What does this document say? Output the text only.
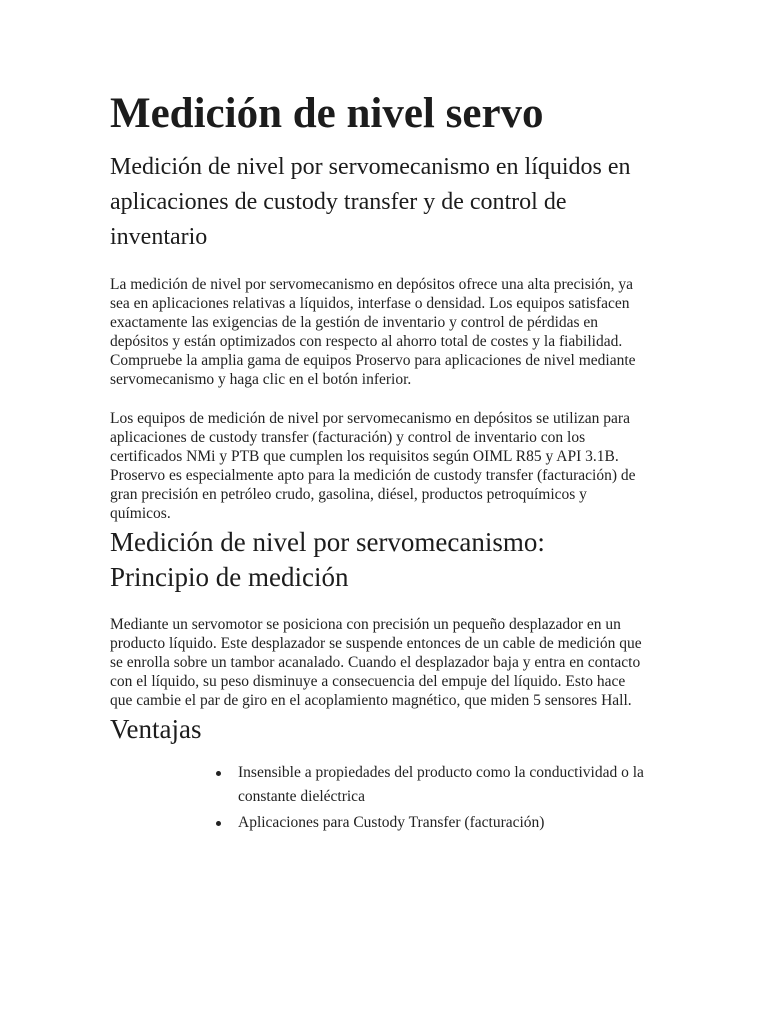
Medición de nivel servo
Medición de nivel por servomecanismo en líquidos en aplicaciones de custody transfer y de control de inventario

La medición de nivel por servomecanismo en depósitos ofrece una alta precisión, ya sea en aplicaciones relativas a líquidos, interfase o densidad. Los equipos satisfacen exactamente las exigencias de la gestión de inventario y control de pérdidas en depósitos y están optimizados con respecto al ahorro total de costes y la fiabilidad. Compruebe la amplia gama de equipos Proservo para aplicaciones de nivel mediante servomecanismo y haga clic en el botón inferior.

Los equipos de medición de nivel por servomecanismo en depósitos se utilizan para aplicaciones de custody transfer (facturación) y control de inventario con los certificados NMi y PTB que cumplen los requisitos según OIML R85 y API 3.1B. Proservo es especialmente apto para la medición de custody transfer (facturación) de gran precisión en petróleo crudo, gasolina, diésel, productos petroquímicos y químicos.

Medición de nivel por servomecanismo: Principio de medición

Mediante un servomotor se posiciona con precisión un pequeño desplazador en un producto líquido. Este desplazador se suspende entonces de un cable de medición que se enrolla sobre un tambor acanalado. Cuando el desplazador baja y entra en contacto con el líquido, su peso disminuye a consecuencia del empuje del líquido. Esto hace que cambie el par de giro en el acoplamiento magnético, que miden 5 sensores Hall.

Ventajas
Insensible a propiedades del producto como la conductividad o la constante dieléctrica
Aplicaciones para Custody Transfer (facturación)
